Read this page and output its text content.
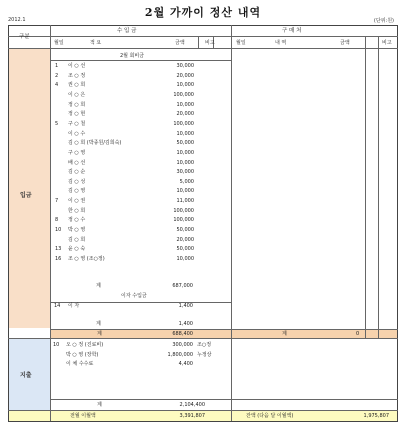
2월 가까이 정산 내역
2012.1	(단위:원)
구분
수 입 금	구 매 처
월일	적 요	금액	비고	월일	내 역	금액	비고
입금
지출
2월 회비금
1 이 ○ 선	30,000
2 조 ○ 정	20,000
4 권 ○ 희	10,000
이 ○ 은	100,000
정 ○ 희	10,000
정 ○ 현	20,000
5 구 ○ 철	100,000
이 ○ 수	10,000
김 ○ 희 (박종원/김희숙)	50,000
구 ○ 영	10,000
배 ○ 선	10,000
김 ○ 순	30,000
김 ○ 성	5,000
김 ○ 영	10,000
7 이 ○ 권	11,000
한 ○ 희	100,000
8 정 ○ 수	100,000
10 박 ○ 영	50,000
김 ○ 희	20,000
13 윤 ○ 숙	50,000
16 조 ○ 영 (조○정)	10,000
계	687,000
이자 수입금
14 이 자	1,400
계	1,400
계	688,400	계	0
10 오 ○ 정 (진료비)	300,000 조○정
박 ○ 영 (장학)	1,800,000 누정상
이 체 수수료	4,400
계	2,104,400
전월 이월액	3,391,807	잔액 (다음 달 이월액)	1,975,807
